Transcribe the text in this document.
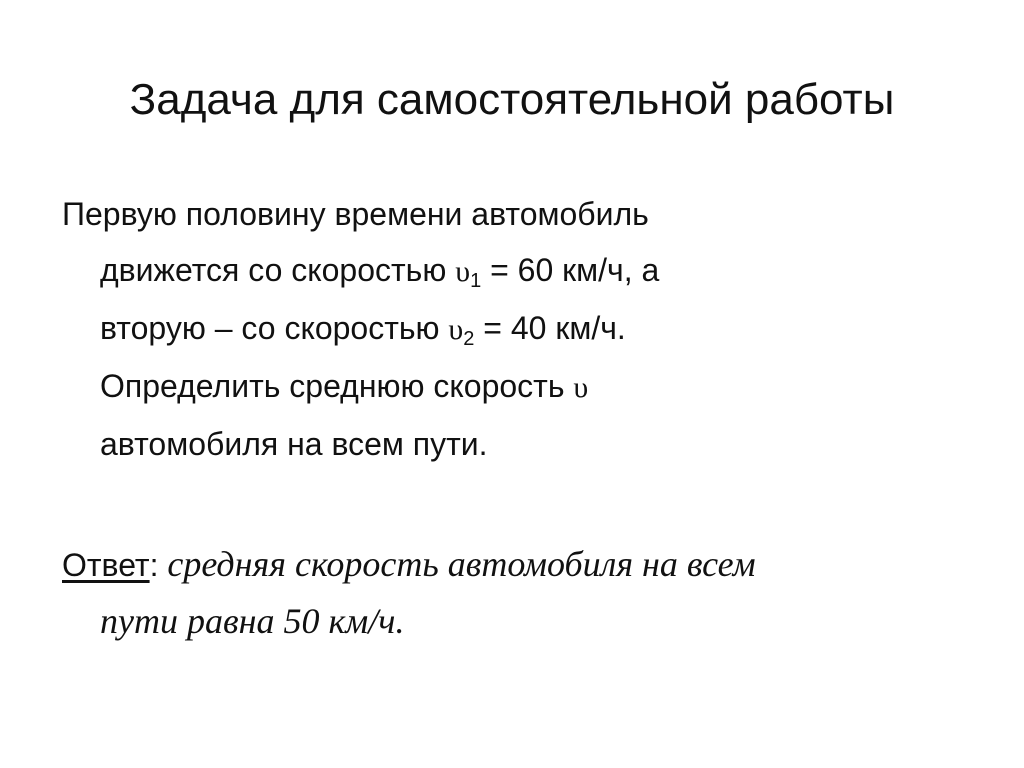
Задача для самостоятельной работы
Первую половину времени автомобиль
движется со скоростью $\upsilon_1 = 60$ км/ч, а
вторую – со скоростью $\upsilon_2 = 40$ км/ч.
Определить среднюю скорость υ
автомобиля на всем пути.
Ответ: средняя скорость автомобиля на всем
пути равна 50 км/ч.
